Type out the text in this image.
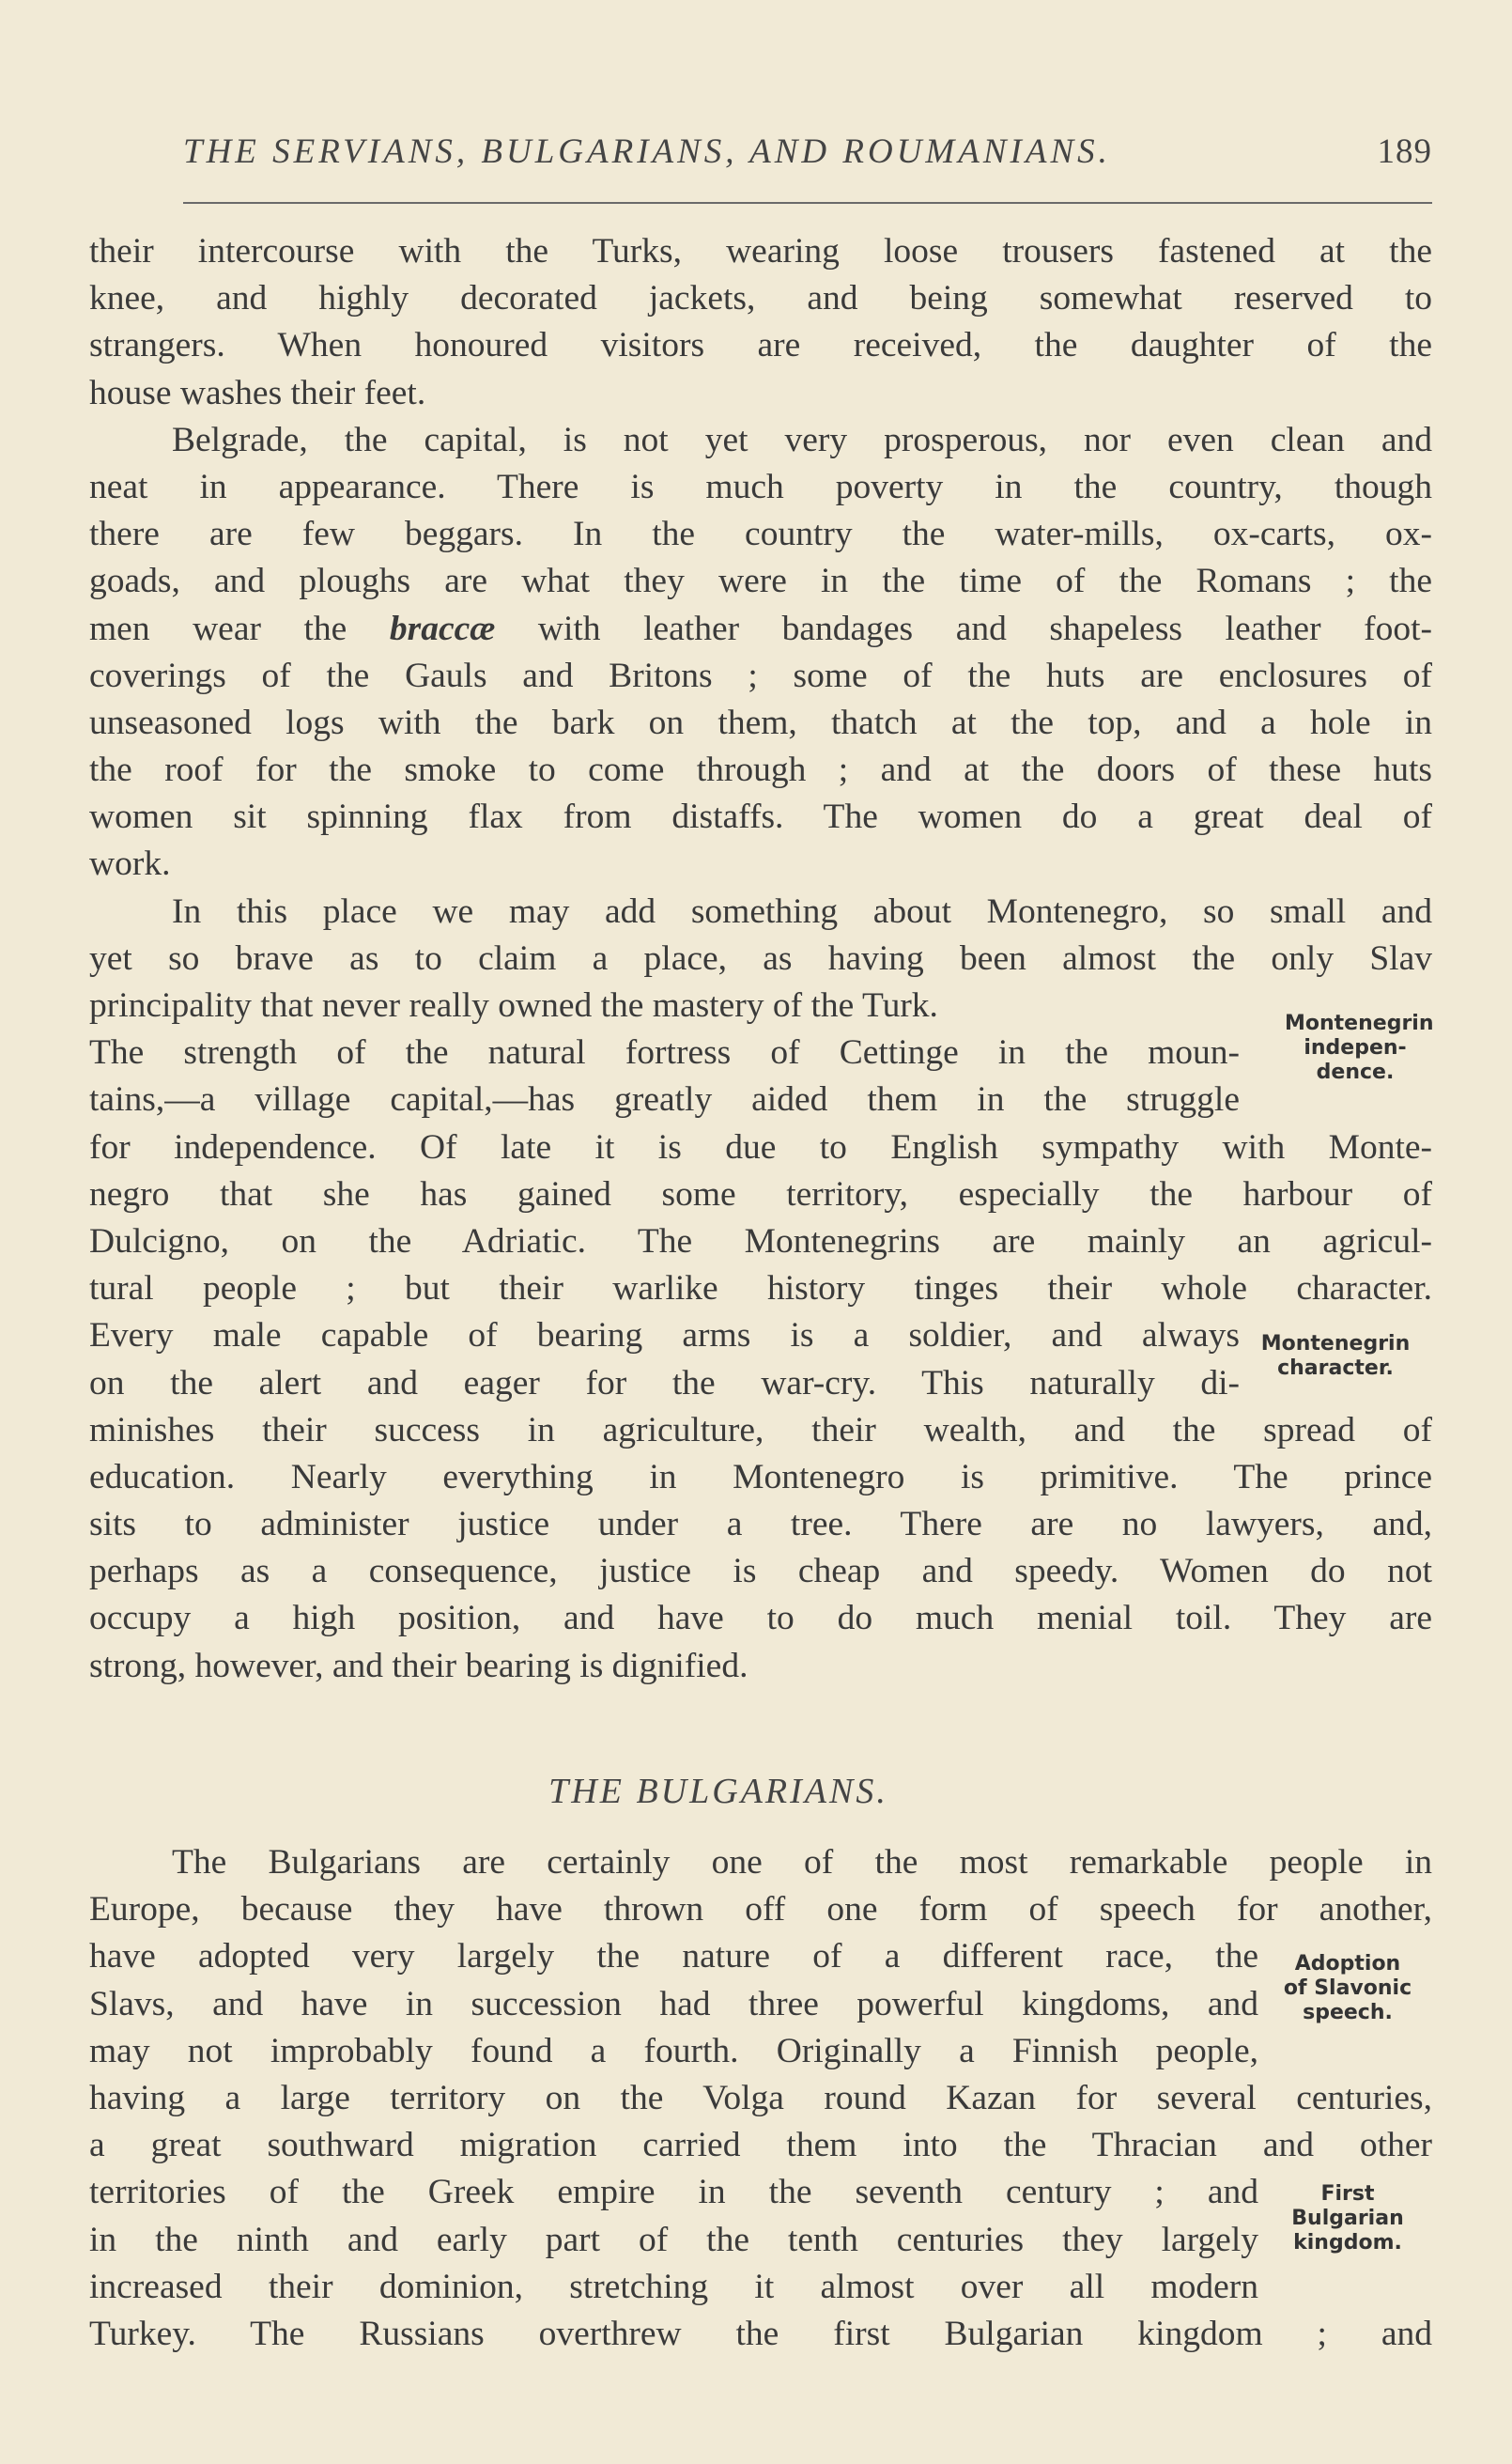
THE SERVIANS, BULGARIANS, AND ROUMANIANS.	189
their intercourse with the Turks, wearing loose trousers fastened at the
knee, and highly decorated jackets, and being somewhat reserved to
strangers. When honoured visitors are received, the daughter of the
house washes their feet.
Belgrade, the capital, is not yet very prosperous, nor even clean and
neat in appearance. There is much poverty in the country, though
there are few beggars. In the country the water-mills, ox-carts, ox-
goads, and ploughs are what they were in the time of the Romans ; the
men wear the braccæ with leather bandages and shapeless leather foot-
coverings of the Gauls and Britons ; some of the huts are enclosures of
unseasoned logs with the bark on them, thatch at the top, and a hole in
the roof for the smoke to come through ; and at the doors of these huts
women sit spinning flax from distaffs. The women do a great deal of
work.
In this place we may add something about Montenegro, so small and
yet so brave as to claim a place, as having been almost the only Slav
principality that never really owned the mastery of the Turk.
The strength of the natural fortress of Cettinge in the moun-
tains,—a village capital,—has greatly aided them in the struggle
for independence. Of late it is due to English sympathy with Monte-
negro that she has gained some territory, especially the harbour of
Dulcigno, on the Adriatic. The Montenegrins are mainly an agricul-
tural people ; but their warlike history tinges their whole character.
Every male capable of bearing arms is a soldier, and always
on the alert and eager for the war-cry. This naturally di-
minishes their success in agriculture, their wealth, and the spread of
education. Nearly everything in Montenegro is primitive. The prince
sits to administer justice under a tree. There are no lawyers, and,
perhaps as a consequence, justice is cheap and speedy. Women do not
occupy a high position, and have to do much menial toil. They are
strong, however, and their bearing is dignified.
Montenegrin
indepen-
dence.
Montenegrin
character.
THE BULGARIANS.
The Bulgarians are certainly one of the most remarkable people in
Europe, because they have thrown off one form of speech for another,
have adopted very largely the nature of a different race, the
Slavs, and have in succession had three powerful kingdoms, and
may not improbably found a fourth. Originally a Finnish people,
having a large territory on the Volga round Kazan for several centuries,
a great southward migration carried them into the Thracian and other
territories of the Greek empire in the seventh century ; and
in the ninth and early part of the tenth centuries they largely
increased their dominion, stretching it almost over all modern
Turkey. The Russians overthrew the first Bulgarian kingdom ; and
Adoption
of Slavonic
speech.
First
Bulgarian
kingdom.
